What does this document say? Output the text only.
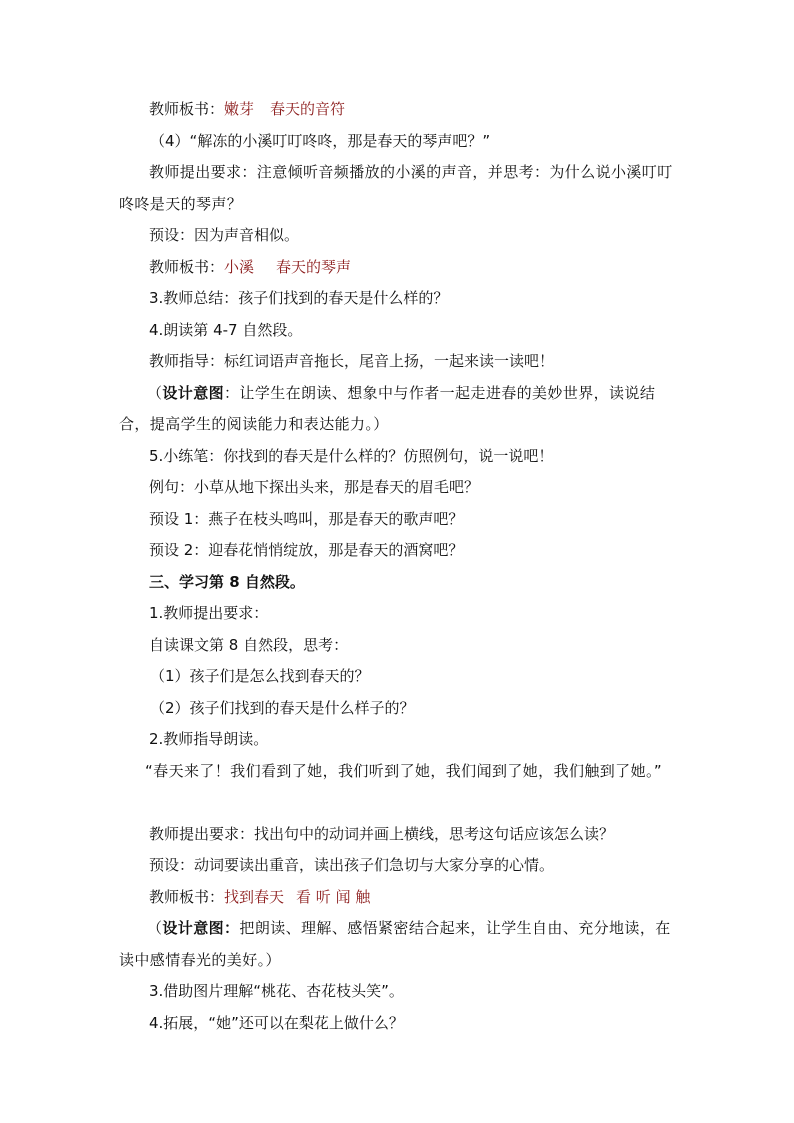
教师板书：嫩芽 春天的音符
（4）“解冻的小溪叮叮咚咚，那是春天的琴声吧？”
教师提出要求：注意倾听音频播放的小溪的声音，并思考：为什么说小溪叮叮咚咚是天的琴声？
预设：因为声音相似。
教师板书：小溪 春天的琴声
3.教师总结：孩子们找到的春天是什么样的？
4.朗读第 4-7 自然段。
教师指导：标红词语声音拖长，尾音上扬，一起来读一读吧！
（设计意图：让学生在朗读、想象中与作者一起走进春的美妙世界，读说结合，提高学生的阅读能力和表达能力。）
5.小练笔：你找到的春天是什么样的？仿照例句，说一说吧！
例句：小草从地下探出头来，那是春天的眉毛吧？
预设 1：燕子在枝头鸣叫，那是春天的歌声吧？
预设 2：迎春花悄悄绽放，那是春天的酒窝吧？
三、学习第 8 自然段。
1.教师提出要求：
自读课文第 8 自然段，思考：
（1）孩子们是怎么找到春天的？
（2）孩子们找到的春天是什么样子的？
2.教师指导朗读。
“春天来了！我们看到了她，我们听到了她，我们闻到了她，我们触到了她。”
教师提出要求：找出句中的动词并画上横线，思考这句话应该怎么读？
预设：动词要读出重音，读出孩子们急切与大家分享的心情。
教师板书：找到春天 看 听 闻 触
（设计意图：把朗读、理解、感悟紧密结合起来，让学生自由、充分地读，在读中感情春光的美好。）
3.借助图片理解“桃花、杏花枝头笑”。
4.拓展，“她”还可以在梨花上做什么？
